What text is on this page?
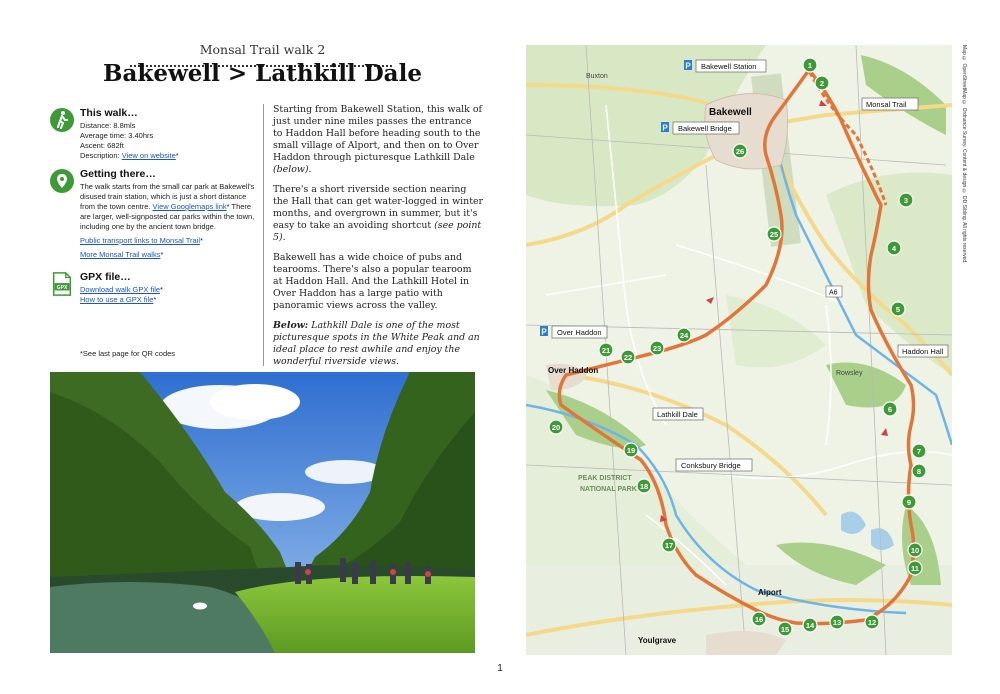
Monsal Trail walk 2
Bakewell > Lathkill Dale
This walk…

Distance: 8.8mls

Average time: 3.40hrs

Ascent: 682ft

Description: View on website*

Getting there…

The walk starts from the small car park at Bakewell's disused train station, which is just a short distance from the town centre. View Googlemaps link* There are larger, well-signposted car parks within the town, including one by the ancient town bridge.

Public transport links to Monsal Trail*

More Monsal Trail walks*

GPX
GPX file…

Download walk GPX file*

How to use a GPX file*

*See last page for QR codes

Starting from Bakewell Station, this walk of just under nine miles passes the entrance to Haddon Hall before heading south to the small village of Alport, and then on to Over Haddon through picturesque Lathkill Dale (below).

There's a short riverside section nearing the Hall that can get water-logged in winter months, and overgrown in summer, but it's easy to take an avoiding shortcut (see point 5).

Bakewell has a wide choice of pubs and tearooms. There's also a popular tearoom at Haddon Hall. And the Lathkill Hotel in Over Haddon has a large patio with panoramic views across the valley.

Below: Lathkill Dale is one of the most picturesque spots in the White Peak and an ideal place to rest awhile and enjoy the wonderful riverside views.

1
2
3
4
5
6
7
8
9
10
11
12
13
14
15
16
17
18
19
20
21
22
23
24
25
26
P Bakewell Station
P Bakewell Bridge
P Over Haddon
Monsal Trail
Haddon Hall
Lathkill Dale
Conksbury Bridge
A6
Bakewell
Over Haddon
Alport
Youlgrave
Buxton
Rowsley
PEAK DISTRICT
NATIONAL PARK
Map © OpenStreetMap © Ordnance Survey. Content & design © DD Sibling. All rights reserved.
1
